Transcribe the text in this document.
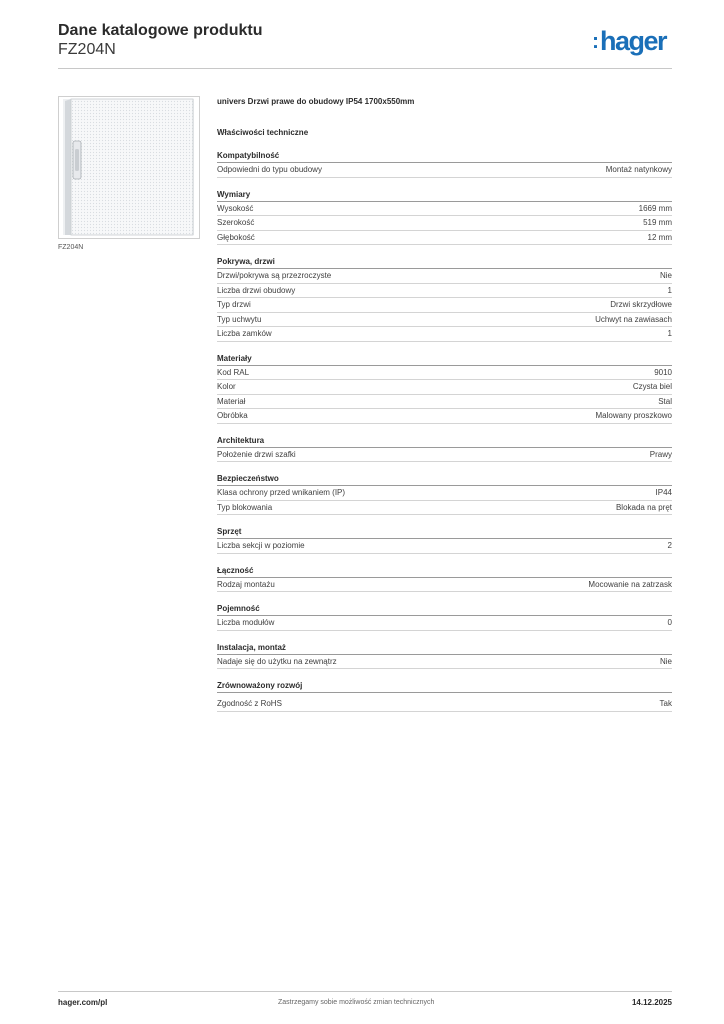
Dane katalogowe produktu
FZ204N	:hager
FZ204N
univers Drzwi prawe do obudowy IP54 1700x550mm
Właściwości techniczne
Kompatybilność
Odpowiedni do typu obudowy	Montaż natynkowy
Wymiary
Wysokość	1669 mm
Szerokość	519 mm
Głębokość	12 mm
Pokrywa, drzwi
Drzwi/pokrywa są przezroczyste	Nie
Liczba drzwi obudowy	1
Typ drzwi	Drzwi skrzydłowe
Typ uchwytu	Uchwyt na zawiasach
Liczba zamków	1
Materiały
Kod RAL	9010
Kolor	Czysta biel
Materiał	Stal
Obróbka	Malowany proszkowo
Architektura
Położenie drzwi szafki	Prawy
Bezpieczeństwo
Klasa ochrony przed wnikaniem (IP)	IP44
Typ blokowania	Blokada na pręt
Sprzęt
Liczba sekcji w poziomie	2
Łączność
Rodzaj montażu	Mocowanie na zatrzask
Pojemność
Liczba modułów	0
Instalacja, montaż
Nadaje się do użytku na zewnątrz	Nie
Zrównoważony rozwój
Zgodność z RoHS	Tak
hager.com/pl	Zastrzegamy sobie możliwość zmian technicznych	14.12.2025
